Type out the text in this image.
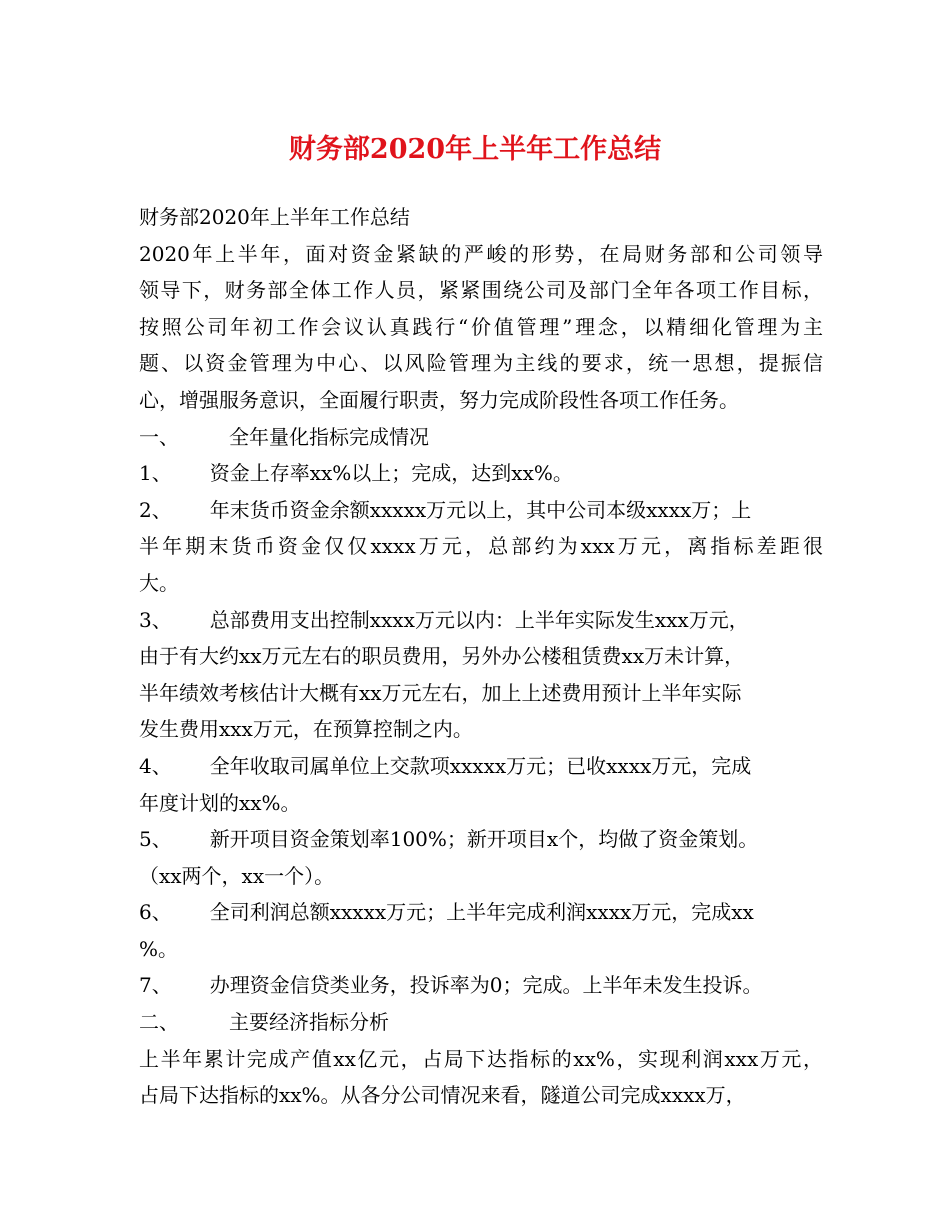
财务部2020年上半年工作总结
财务部2020年上半年工作总结
2020年上半年，面对资金紧缺的严峻的形势，在局财务部和公司领导
领导下，财务部全体工作人员，紧紧围绕公司及部门全年各项工作目标，
按照公司年初工作会议认真践行“价值管理”理念，以精细化管理为主
题、以资金管理为中心、以风险管理为主线的要求，统一思想，提振信
心，增强服务意识，全面履行职责，努力完成阶段性各项工作任务。
一、	全年量化指标完成情况
1、 资金上存率xx%以上；完成，达到xx%。
2、 年末货币资金余额xxxxx万元以上，其中公司本级xxxx万；上
半年期末货币资金仅仅xxxx万元，总部约为xxx万元，离指标差距很
大。
3、 总部费用支出控制xxxx万元以内：上半年实际发生xxx万元，
由于有大约xx万元左右的职员费用，另外办公楼租赁费xx万未计算，
半年绩效考核估计大概有xx万元左右，加上上述费用预计上半年实际
发生费用xxx万元，在预算控制之内。
4、 全年收取司属单位上交款项xxxxx万元；已收xxxx万元，完成
年度计划的xx%。
5、 新开项目资金策划率100%；新开项目x个，均做了资金策划。
（xx两个，xx一个）。
6、 全司利润总额xxxxx万元；上半年完成利润xxxx万元，完成xx
%。
7、 办理资金信贷类业务，投诉率为0；完成。上半年未发生投诉。
二、	主要经济指标分析
上半年累计完成产值xx亿元，占局下达指标的xx%，实现利润xxx万元，
占局下达指标的xx%。从各分公司情况来看，隧道公司完成xxxx万，
